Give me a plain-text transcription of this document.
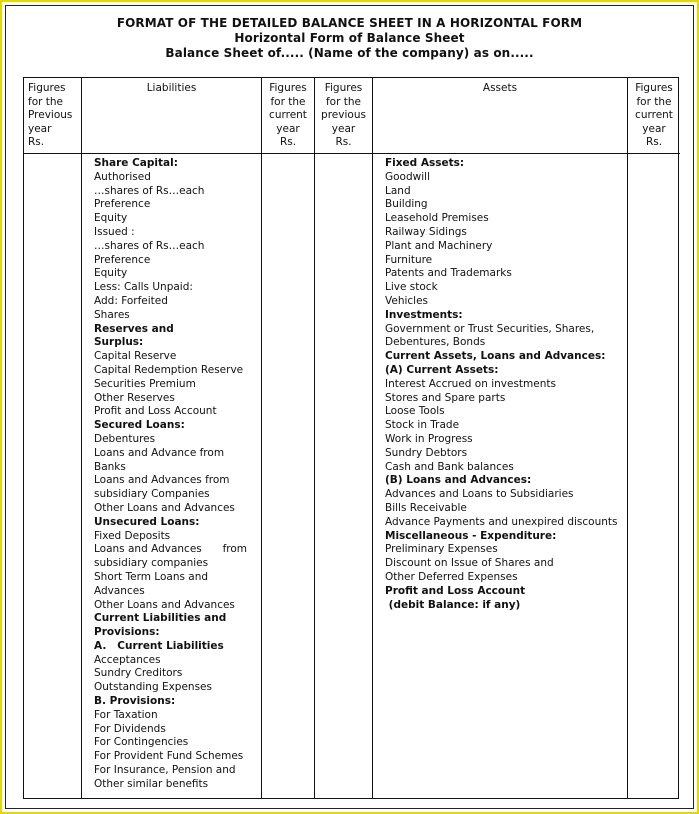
FORMAT OF THE DETAILED BALANCE SHEET IN A HORIZONTAL FORM
Horizontal Form of Balance Sheet
Balance Sheet of..... (Name of the company) as on.....
Figures
for the
Previous
year
Rs.
Liabilities
Share Capital:
Authorised
…shares of Rs…each
Preference
Equity
Issued :
…shares of Rs…each
Preference
Equity
Less: Calls Unpaid:
Add: Forfeited
Shares
Reserves and
Surplus:
Capital Reserve
Capital Redemption Reserve
Securities Premium
Other Reserves
Profit and Loss Account
Secured Loans:
Debentures
Loans and Advance from
Banks
Loans and Advances from
subsidiary Companies
Other Loans and Advances
Unsecured Loans:
Fixed Deposits
Loans and Advances from
subsidiary companies
Short Term Loans and
Advances
Other Loans and Advances
Current Liabilities and
Provisions:
A.   Current Liabilities
Acceptances
Sundry Creditors
Outstanding Expenses
B. Provisions:
For Taxation
For Dividends
For Contingencies
For Provident Fund Schemes
For Insurance, Pension and
Other similar benefits
Figures
for the
current
year
Rs.
Figures
for the
previous
year
Rs.
Assets
Fixed Assets:
Goodwill
Land
Building
Leasehold Premises
Railway Sidings
Plant and Machinery
Furniture
Patents and Trademarks
Live stock
Vehicles
Investments:
Government or Trust Securities, Shares,
Debentures, Bonds
Current Assets, Loans and Advances:
(A) Current Assets:
Interest Accrued on investments
Stores and Spare parts
Loose Tools
Stock in Trade
Work in Progress
Sundry Debtors
Cash and Bank balances
(B) Loans and Advances:
Advances and Loans to Subsidiaries
Bills Receivable
Advance Payments and unexpired discounts
Miscellaneous - Expenditure:
Preliminary Expenses
Discount on Issue of Shares and
Other Deferred Expenses
Profit and Loss Account
(debit Balance: if any)
Figures
for the
current
year
Rs.
